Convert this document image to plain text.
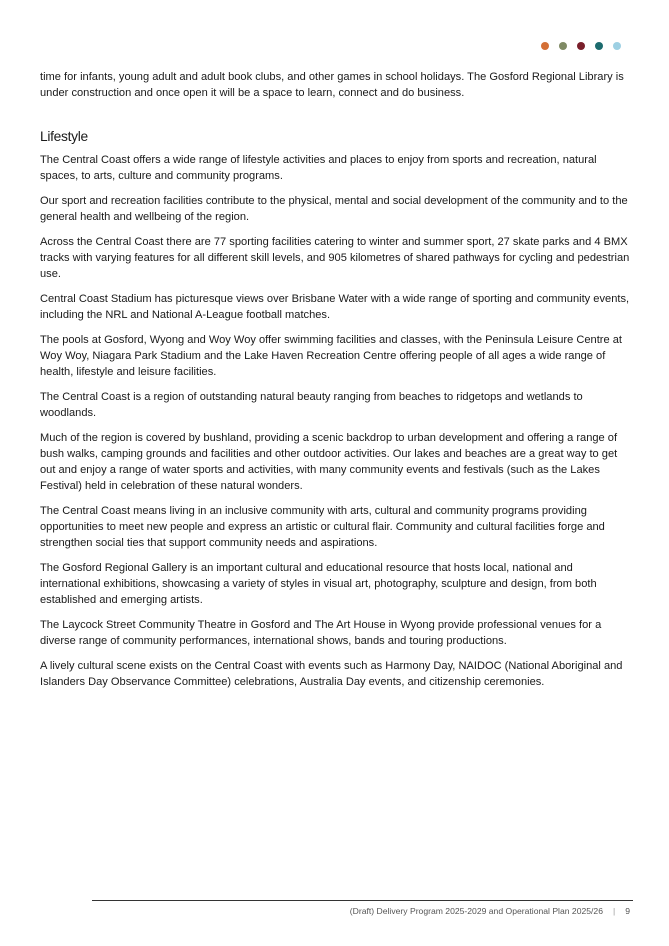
time for infants, young adult and adult book clubs, and other games in school holidays. The Gosford Regional Library is under construction and once open it will be a space to learn, connect and do business.

Lifestyle

The Central Coast offers a wide range of lifestyle activities and places to enjoy from sports and recreation, natural spaces, to arts, culture and community programs.

Our sport and recreation facilities contribute to the physical, mental and social development of the community and to the general health and wellbeing of the region.

Across the Central Coast there are 77 sporting facilities catering to winter and summer sport, 27 skate parks and 4 BMX tracks with varying features for all different skill levels, and 905 kilometres of shared pathways for cycling and pedestrian use.

Central Coast Stadium has picturesque views over Brisbane Water with a wide range of sporting and community events, including the NRL and National A-League football matches.

The pools at Gosford, Wyong and Woy Woy offer swimming facilities and classes, with the Peninsula Leisure Centre at Woy Woy, Niagara Park Stadium and the Lake Haven Recreation Centre offering people of all ages a wide range of health, lifestyle and leisure facilities.

The Central Coast is a region of outstanding natural beauty ranging from beaches to ridgetops and wetlands to woodlands.

Much of the region is covered by bushland, providing a scenic backdrop to urban development and offering a range of bush walks, camping grounds and facilities and other outdoor activities. Our lakes and beaches are a great way to get out and enjoy a range of water sports and activities, with many community events and festivals (such as the Lakes Festival) held in celebration of these natural wonders.

The Central Coast means living in an inclusive community with arts, cultural and community programs providing opportunities to meet new people and express an artistic or cultural flair. Community and cultural facilities forge and strengthen social ties that support community needs and aspirations.

The Gosford Regional Gallery is an important cultural and educational resource that hosts local, national and international exhibitions, showcasing a variety of styles in visual art, photography, sculpture and design, from both established and emerging artists.

The Laycock Street Community Theatre in Gosford and The Art House in Wyong provide professional venues for a diverse range of community performances, international shows, bands and touring productions.

A lively cultural scene exists on the Central Coast with events such as Harmony Day, NAIDOC (National Aboriginal and Islanders Day Observance Committee) celebrations, Australia Day events, and citizenship ceremonies.

(Draft) Delivery Program 2025-2029 and Operational Plan 2025/26 | 9
